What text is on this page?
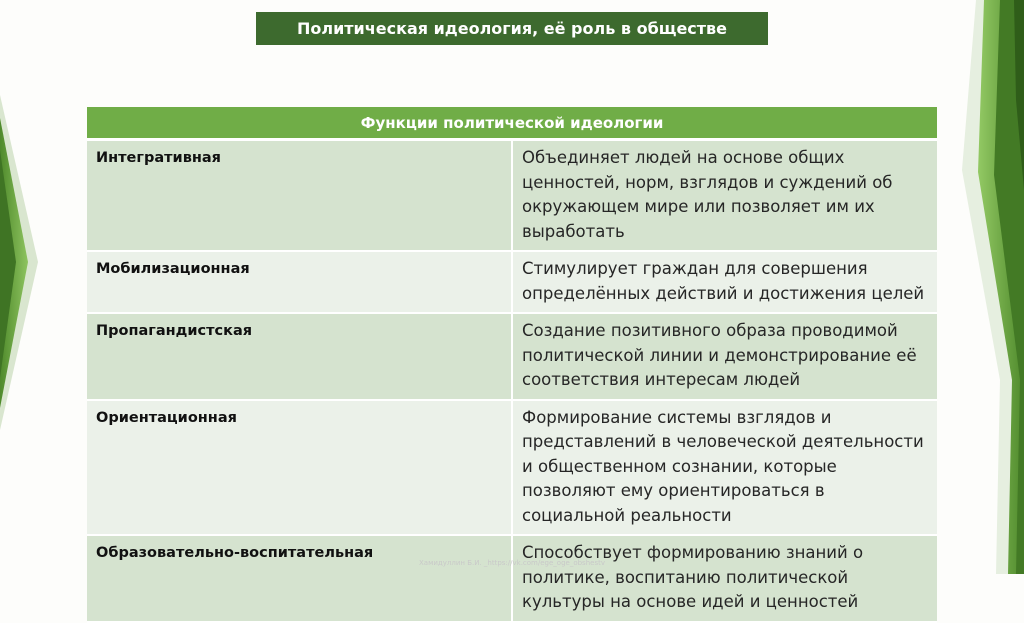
Политическая идеология, её роль в обществе
Функции политической идеологии	
Интегративная	Объединяет людей на основе общих ценностей, норм, взглядов и суждений об окружающем мире или позволяет им их выработать
Мобилизационная	Стимулирует граждан для совершения определённых действий и достижения целей
Пропагандистская	Создание позитивного образа проводимой политической линии и демонстрирование её соответствия интересам людей
Ориентационная	Формирование системы взглядов и представлений в человеческой деятельности и общественном сознании, которые позволяют ему ориентироваться в социальной реальности
Образовательно-воспитательная	Способствует формированию знаний о политике, воспитанию политической культуры на основе идей и ценностей
Хамидуллин Б.И. _https://vk.com/ege_oge_obshestv
